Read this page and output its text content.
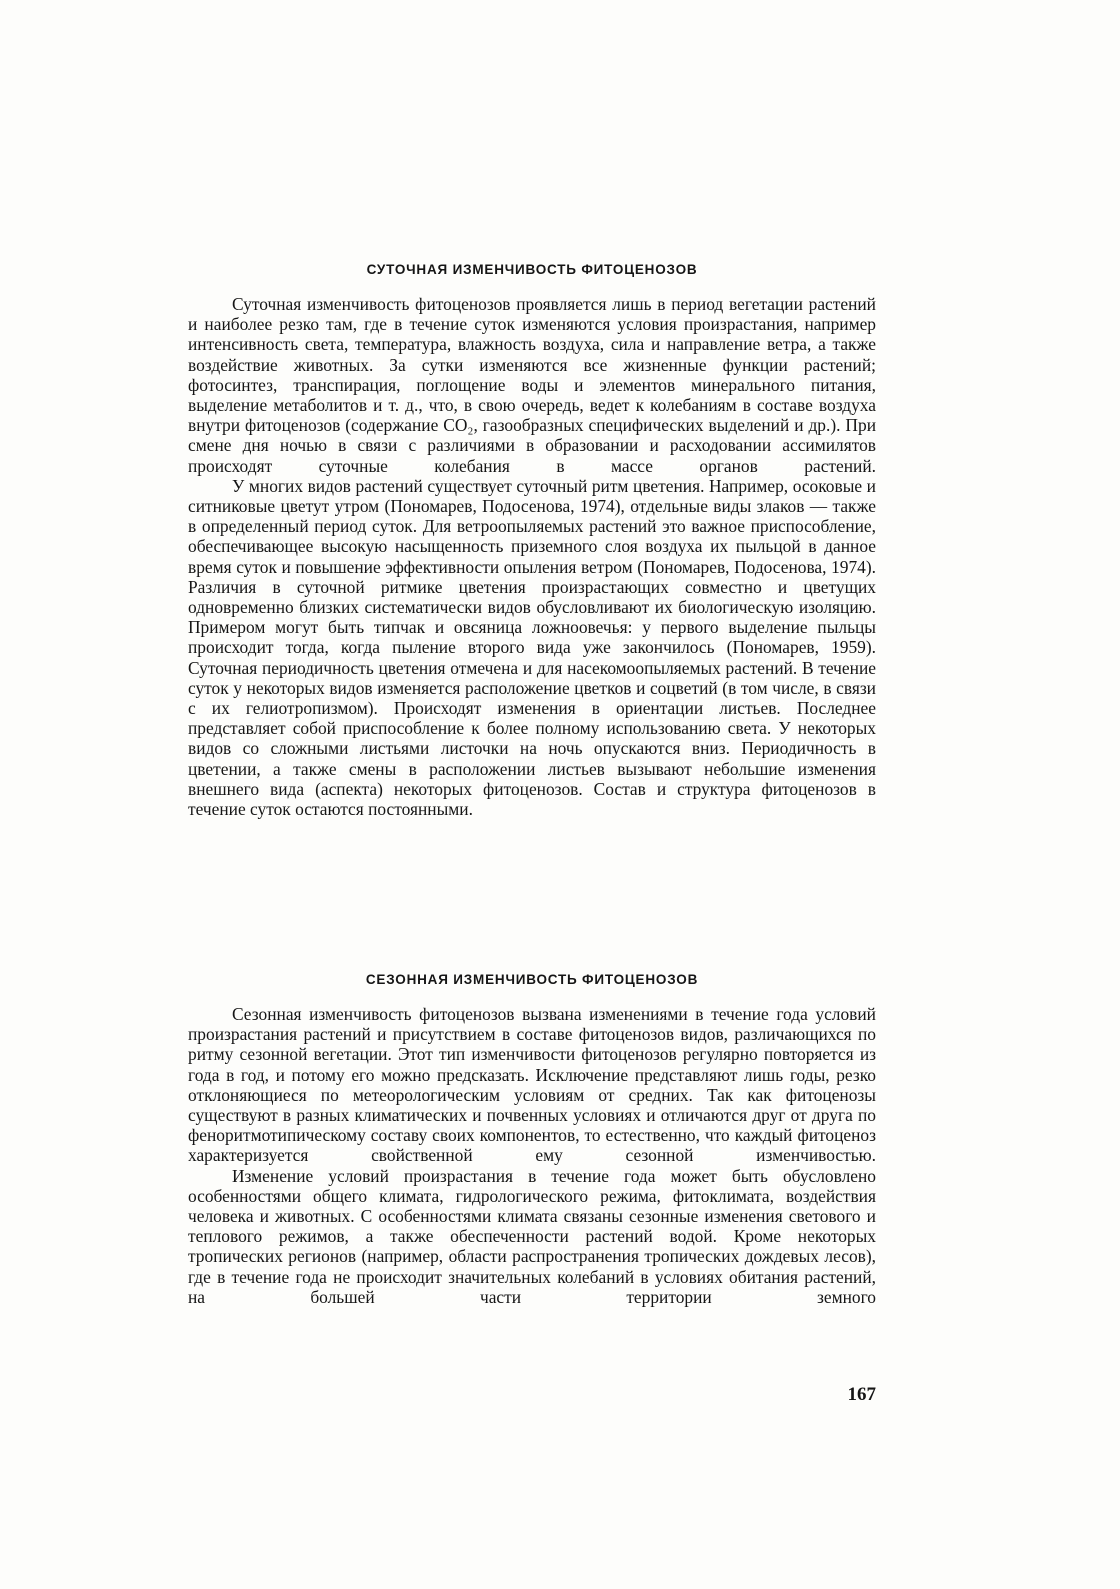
СУТОЧНАЯ ИЗМЕНЧИВОСТЬ ФИТОЦЕНОЗОВ

Суточная изменчивость фитоценозов проявляется лишь в период вегетации растений и наиболее резко там, где в течение суток изменяются условия произрастания, например интенсивность света, температура, влажность воздуха, сила и направление ветра, а также воздействие животных. За сутки изменяются все жизненные функции растений; фотосинтез, транспирация, поглощение воды и элементов минерального питания, выделение метаболитов и т. д., что, в свою очередь, ведет к колебаниям в составе воздуха внутри фитоценозов (содержание CO₂, газообразных специфических выделений и др.). При смене дня ночью в связи с различиями в образовании и расходовании ассимилятов происходят суточные колебания в массе органов растений.

У многих видов растений существует суточный ритм цветения. Например, осоковые и ситниковые цветут утром (Пономарев, Подосенова, 1974), отдельные виды злаков — также в определенный период суток. Для ветроопыляемых растений это важное приспособление, обеспечивающее высокую насыщенность приземного слоя воздуха их пыльцой в данное время суток и повышение эффективности опыления ветром (Пономарев, Подосенова, 1974). Различия в суточной ритмике цветения произрастающих совместно и цветущих одновременно близких систематически видов обусловливают их биологическую изоляцию. Примером могут быть типчак и овсяница ложноовечья: у первого выделение пыльцы происходит тогда, когда пыление второго вида уже закончилось (Пономарев, 1959). Суточная периодичность цветения отмечена и для насекомоопыляемых растений. В течение суток у некоторых видов изменяется расположение цветков и соцветий (в том числе, в связи с их гелиотропизмом). Происходят изменения в ориентации листьев. Последнее представляет собой приспособление к более полному использованию света. У некоторых видов со сложными листьями листочки на ночь опускаются вниз. Периодичность в цветении, а также смены в расположении листьев вызывают небольшие изменения внешнего вида (аспекта) некоторых фитоценозов. Состав и структура фитоценозов в течение суток остаются постоянными.

СЕЗОННАЯ ИЗМЕНЧИВОСТЬ ФИТОЦЕНОЗОВ

Сезонная изменчивость фитоценозов вызвана изменениями в течение года условий произрастания растений и присутствием в составе фитоценозов видов, различающихся по ритму сезонной вегетации. Этот тип изменчивости фитоценозов регулярно повторяется из года в год, и потому его можно предсказать. Исключение представляют лишь годы, резко отклоняющиеся по метеорологическим условиям от средних. Так как фитоценозы существуют в разных климатических и почвенных условиях и отличаются друг от друга по феноритмотипическому составу своих компонентов, то естественно, что каждый фитоценоз характеризуется свойственной ему сезонной изменчивостью.

Изменение условий произрастания в течение года может быть обусловлено особенностями общего климата, гидрологического режима, фитоклимата, воздействия человека и животных. С особенностями климата связаны сезонные изменения светового и теплового режимов, а также обеспеченности растений водой. Кроме некоторых тропических регионов (например, области распространения тропических дождевых лесов), где в течение года не происходит значительных колебаний в условиях обитания растений, на большей части территории земного

167
